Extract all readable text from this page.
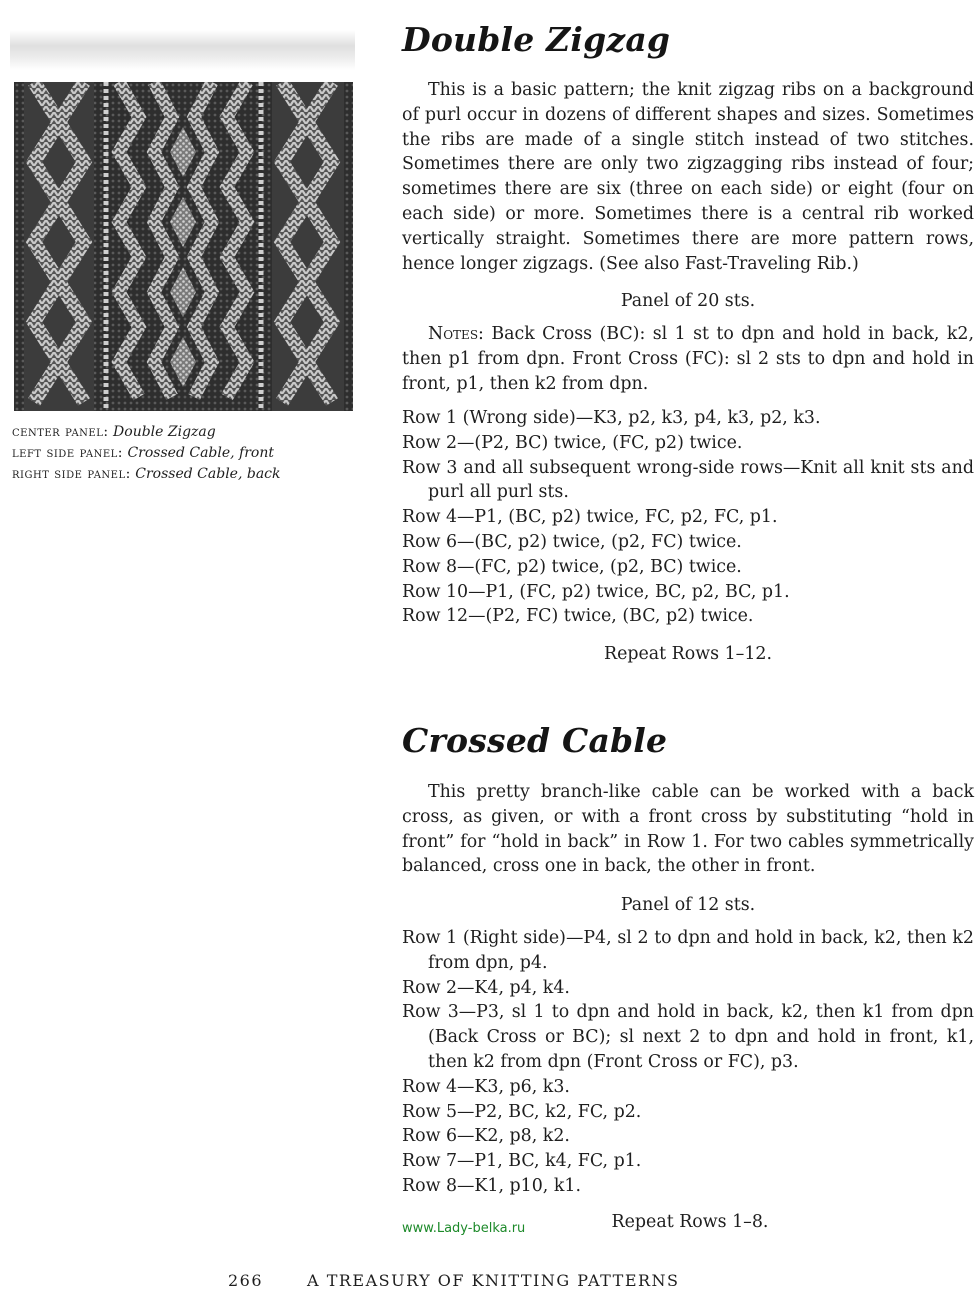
center panel: Double Zigzag
left side panel: Crossed Cable, front
right side panel: Crossed Cable, back
Double Zigzag

This is a basic pattern; the knit zigzag ribs on a background of purl occur in dozens of different shapes and sizes. Sometimes the ribs are made of a single stitch instead of two stitches. Sometimes there are only two zigzagging ribs instead of four; sometimes there are six (three on each side) or eight (four on each side) or more. Sometimes there is a central rib worked vertically straight. Sometimes there are more pattern rows, hence longer zigzags. (See also Fast-Traveling Rib.)

Panel of 20 sts.

Notes: Back Cross (BC): sl 1 st to dpn and hold in back, k2, then p1 from dpn. Front Cross (FC): sl 2 sts to dpn and hold in front, p1, then k2 from dpn.

Row 1 (Wrong side)—K3, p2, k3, p4, k3, p2, k3.
Row 2—(P2, BC) twice, (FC, p2) twice.
Row 3 and all subsequent wrong-side rows—Knit all knit sts and purl all purl sts.
Row 4—P1, (BC, p2) twice, FC, p2, FC, p1.
Row 6—(BC, p2) twice, (p2, FC) twice.
Row 8—(FC, p2) twice, (p2, BC) twice.
Row 10—P1, (FC, p2) twice, BC, p2, BC, p1.
Row 12—(P2, FC) twice, (BC, p2) twice.

Repeat Rows 1–12.

Crossed Cable

This pretty branch-like cable can be worked with a back cross, as given, or with a front cross by substituting “hold in front” for “hold in back” in Row 1. For two cables symmetrically balanced, cross one in back, the other in front.

Panel of 12 sts.

Row 1 (Right side)—P4, sl 2 to dpn and hold in back, k2, then k2 from dpn, p4.
Row 2—K4, p4, k4.
Row 3—P3, sl 1 to dpn and hold in back, k2, then k1 from dpn (Back Cross or BC); sl next 2 to dpn and hold in front, k1, then k2 from dpn (Front Cross or FC), p3.
Row 4—K3, p6, k3.
Row 5—P2, BC, k2, FC, p2.
Row 6—K2, p8, k2.
Row 7—P1, BC, k4, FC, p1.
Row 8—K1, p10, k1.

Repeat Rows 1–8.

www.Lady-belka.ru
266	A TREASURY OF KNITTING PATTERNS
